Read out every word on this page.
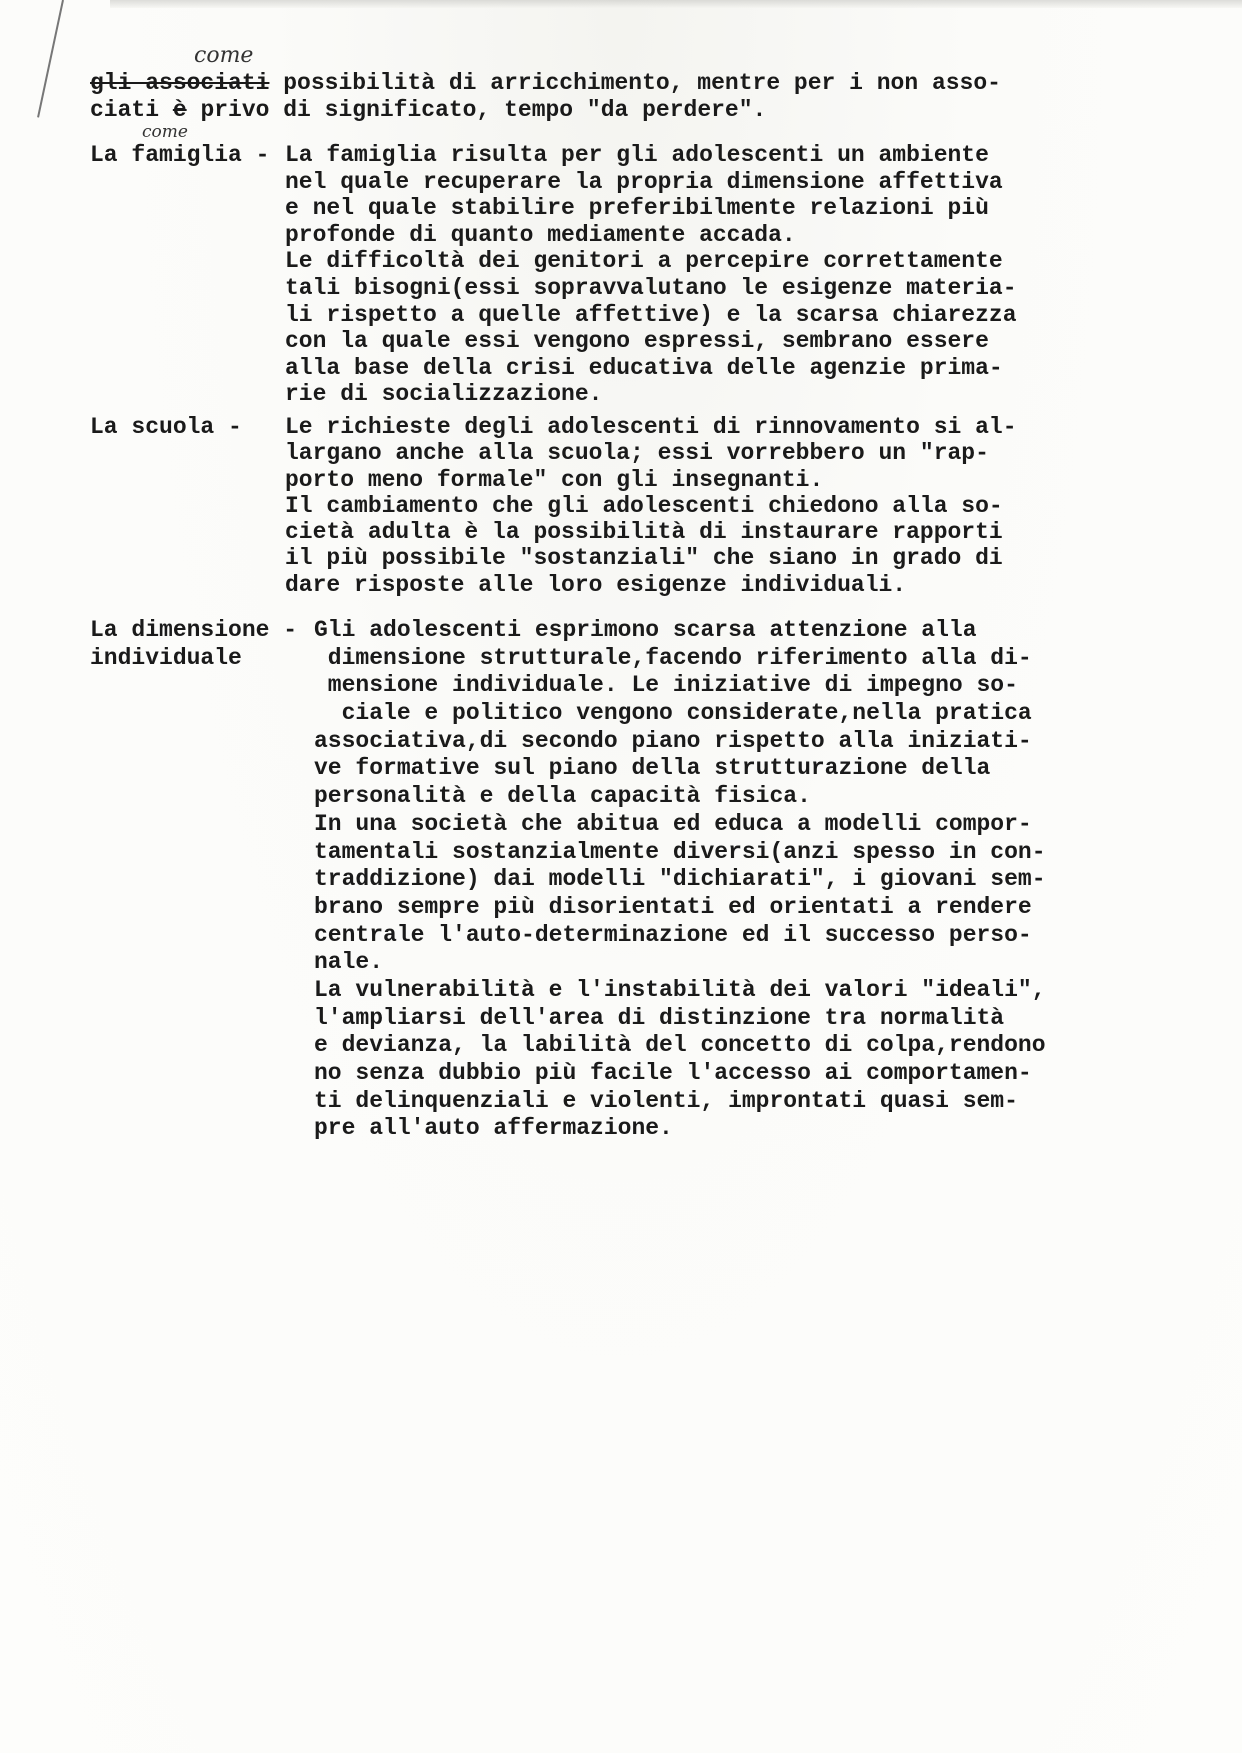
come
come
gli associati possibilità di arricchimento, mentre per i non asso-
ciati è privo di significato, tempo "da perdere".
La famiglia - La famiglia risulta per gli adolescenti un ambiente
nel quale recuperare la propria dimensione affettiva
e nel quale stabilire preferibilmente relazioni più
profonde di quanto mediamente accada.
Le difficoltà dei genitori a percepire correttamente
tali bisogni(essi sopravvalutano le esigenze materia-
li rispetto a quelle affettive) e la scarsa chiarezza
con la quale essi vengono espressi, sembrano essere
alla base della crisi educativa delle agenzie prima-
rie di socializzazione.
La scuola -	Le richieste degli adolescenti di rinnovamento si al-
largano anche alla scuola; essi vorrebbero un "rap-
porto meno formale" con gli insegnanti.
Il cambiamento che gli adolescenti chiedono alla so-
cietà adulta è la possibilità di instaurare rapporti
il più possibile "sostanziali" che siano in grado di
dare risposte alle loro esigenze individuali.
La dimensione - Gli adolescenti esprimono scarsa attenzione alla
individuale	dimensione strutturale,facendo riferimento alla di-
mensione individuale. Le iniziative di impegno so-
ciale e politico vengono considerate,nella pratica
associativa,di secondo piano rispetto alla iniziati-
ve formative sul piano della strutturazione della
personalità e della capacità fisica.
In una società che abitua ed educa a modelli compor-
tamentali sostanzialmente diversi(anzi spesso in con-
traddizione) dai modelli "dichiarati", i giovani sem-
brano sempre più disorientati ed orientati a rendere
centrale l'auto-determinazione ed il successo perso-
nale.
La vulnerabilità e l'instabilità dei valori "ideali",
l'ampliarsi dell'area di distinzione tra normalità
e devianza, la labilità del concetto di colpa,rendono
no senza dubbio più facile l'accesso ai comportamen-
ti delinquenziali e violenti, improntati quasi sem-
pre all'auto affermazione.
